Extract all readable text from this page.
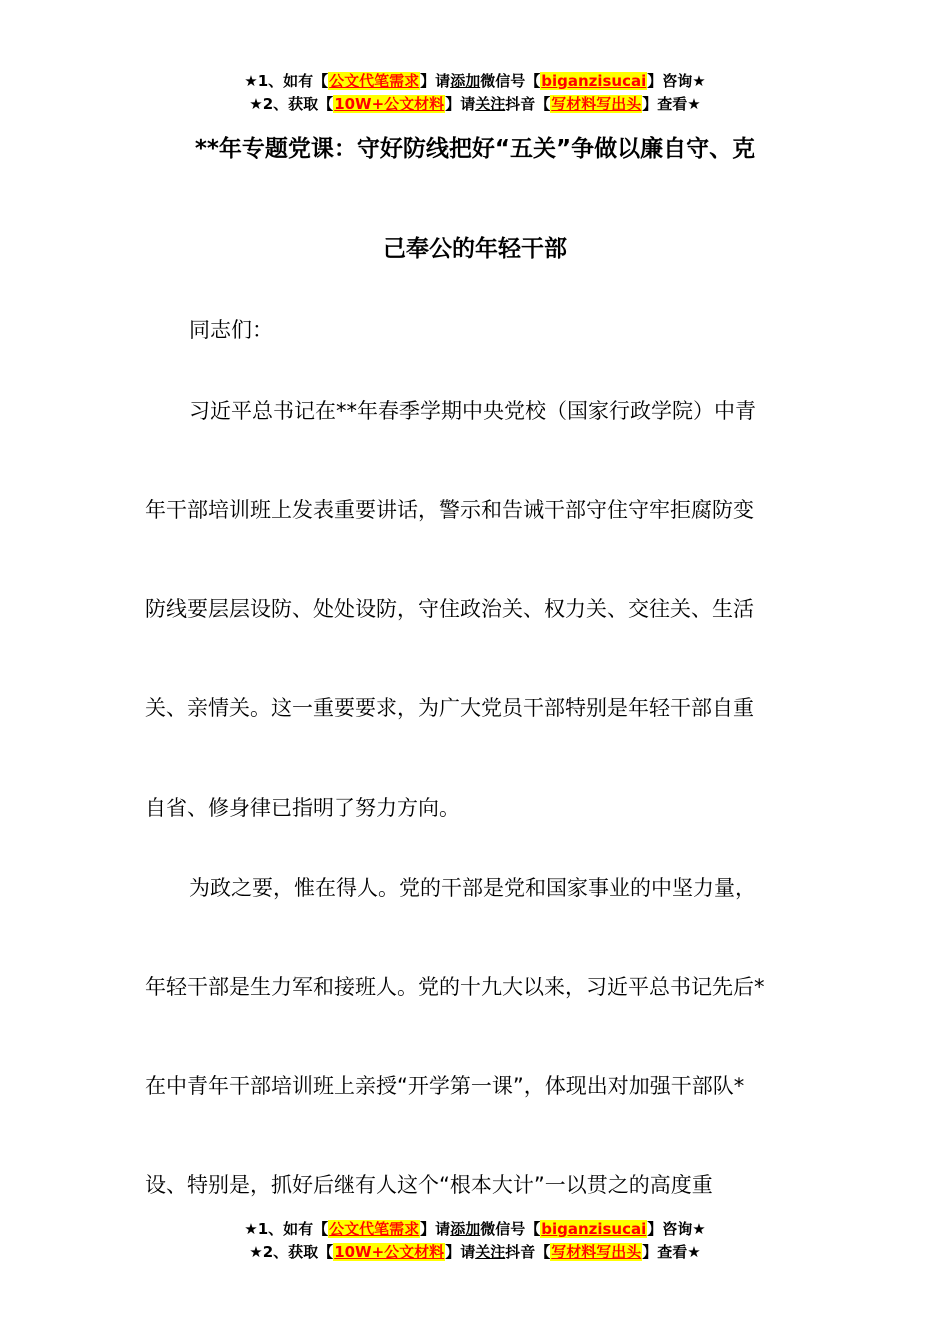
★1、如有【公文代笔需求】请添加微信号【biganzisucai】咨询★
★2、获取【10W+公文材料】请关注抖音【写材料写出头】查看★
**年专题党课：守好防线把好“五关”争做以廉自守、克
己奉公的年轻干部

同志们：

习近平总书记在**年春季学期中央党校（国家行政学院）中青

年干部培训班上发表重要讲话，警示和告诫干部守住守牢拒腐防变

防线要层层设防、处处设防，守住政治关、权力关、交往关、生活

关、亲情关。这一重要要求，为广大党员干部特别是年轻干部自重

自省、修身律已指明了努力方向。

为政之要，惟在得人。党的干部是党和国家事业的中坚力量，

年轻干部是生力军和接班人。党的十九大以来，习近平总书记先后*

在中青年干部培训班上亲授“开学第一课”，体现出对加强干部队*

设、特别是，抓好后继有人这个“根本大计”一以贯之的高度重

★1、如有【公文代笔需求】请添加微信号【biganzisucai】咨询★
★2、获取【10W+公文材料】请关注抖音【写材料写出头】查看★
